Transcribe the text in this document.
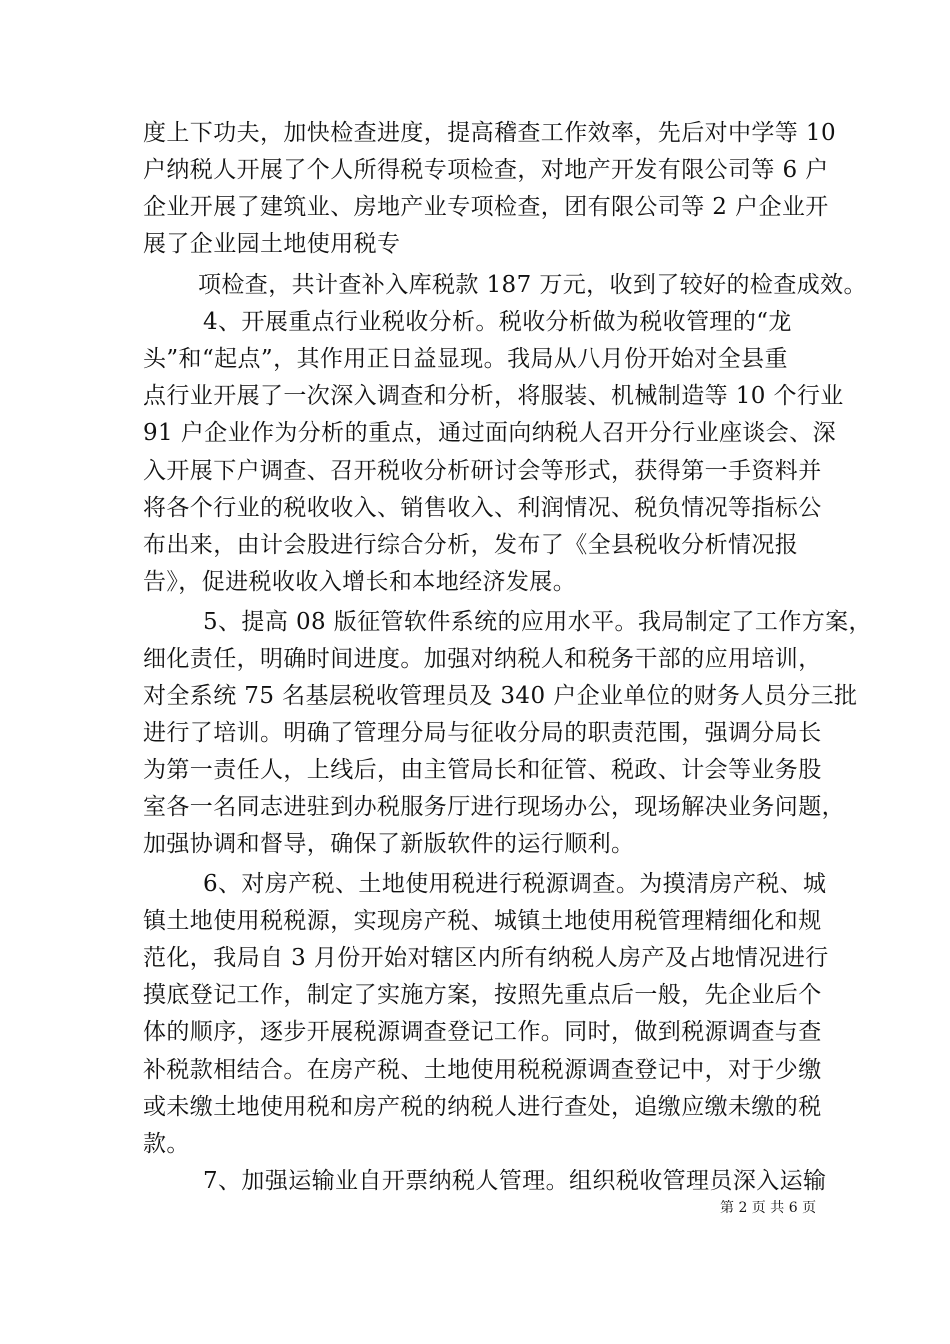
度上下功夫，加快检查进度，提高稽查工作效率，先后对中学等 10
户纳税人开展了个人所得税专项检查，对地产开发有限公司等 6 户
企业开展了建筑业、房地产业专项检查，团有限公司等 2 户企业开
展了企业园土地使用税专
项检查，共计查补入库税款 187 万元，收到了较好的检查成效。
4、开展重点行业税收分析。税收分析做为税收管理的“龙
头”和“起点”，其作用正日益显现。我局从八月份开始对全县重
点行业开展了一次深入调查和分析，将服装、机械制造等 10 个行业
91 户企业作为分析的重点，通过面向纳税人召开分行业座谈会、深
入开展下户调查、召开税收分析研讨会等形式，获得第一手资料并
将各个行业的税收收入、销售收入、利润情况、税负情况等指标公
布出来，由计会股进行综合分析，发布了《全县税收分析情况报
告》，促进税收收入增长和本地经济发展。
5、提高 08 版征管软件系统的应用水平。我局制定了工作方案，
细化责任，明确时间进度。加强对纳税人和税务干部的应用培训，
对全系统 75 名基层税收管理员及 340 户企业单位的财务人员分三批
进行了培训。明确了管理分局与征收分局的职责范围，强调分局长
为第一责任人，上线后，由主管局长和征管、税政、计会等业务股
室各一名同志进驻到办税服务厅进行现场办公，现场解决业务问题，
加强协调和督导，确保了新版软件的运行顺利。
6、对房产税、土地使用税进行税源调查。为摸清房产税、城
镇土地使用税税源，实现房产税、城镇土地使用税管理精细化和规
范化，我局自 3 月份开始对辖区内所有纳税人房产及占地情况进行
摸底登记工作，制定了实施方案，按照先重点后一般，先企业后个
体的顺序，逐步开展税源调查登记工作。同时，做到税源调查与查
补税款相结合。在房产税、土地使用税税源调查登记中，对于少缴
或未缴土地使用税和房产税的纳税人进行查处，追缴应缴未缴的税
款。
7、加强运输业自开票纳税人管理。组织税收管理员深入运输
第 2 页 共 6 页
